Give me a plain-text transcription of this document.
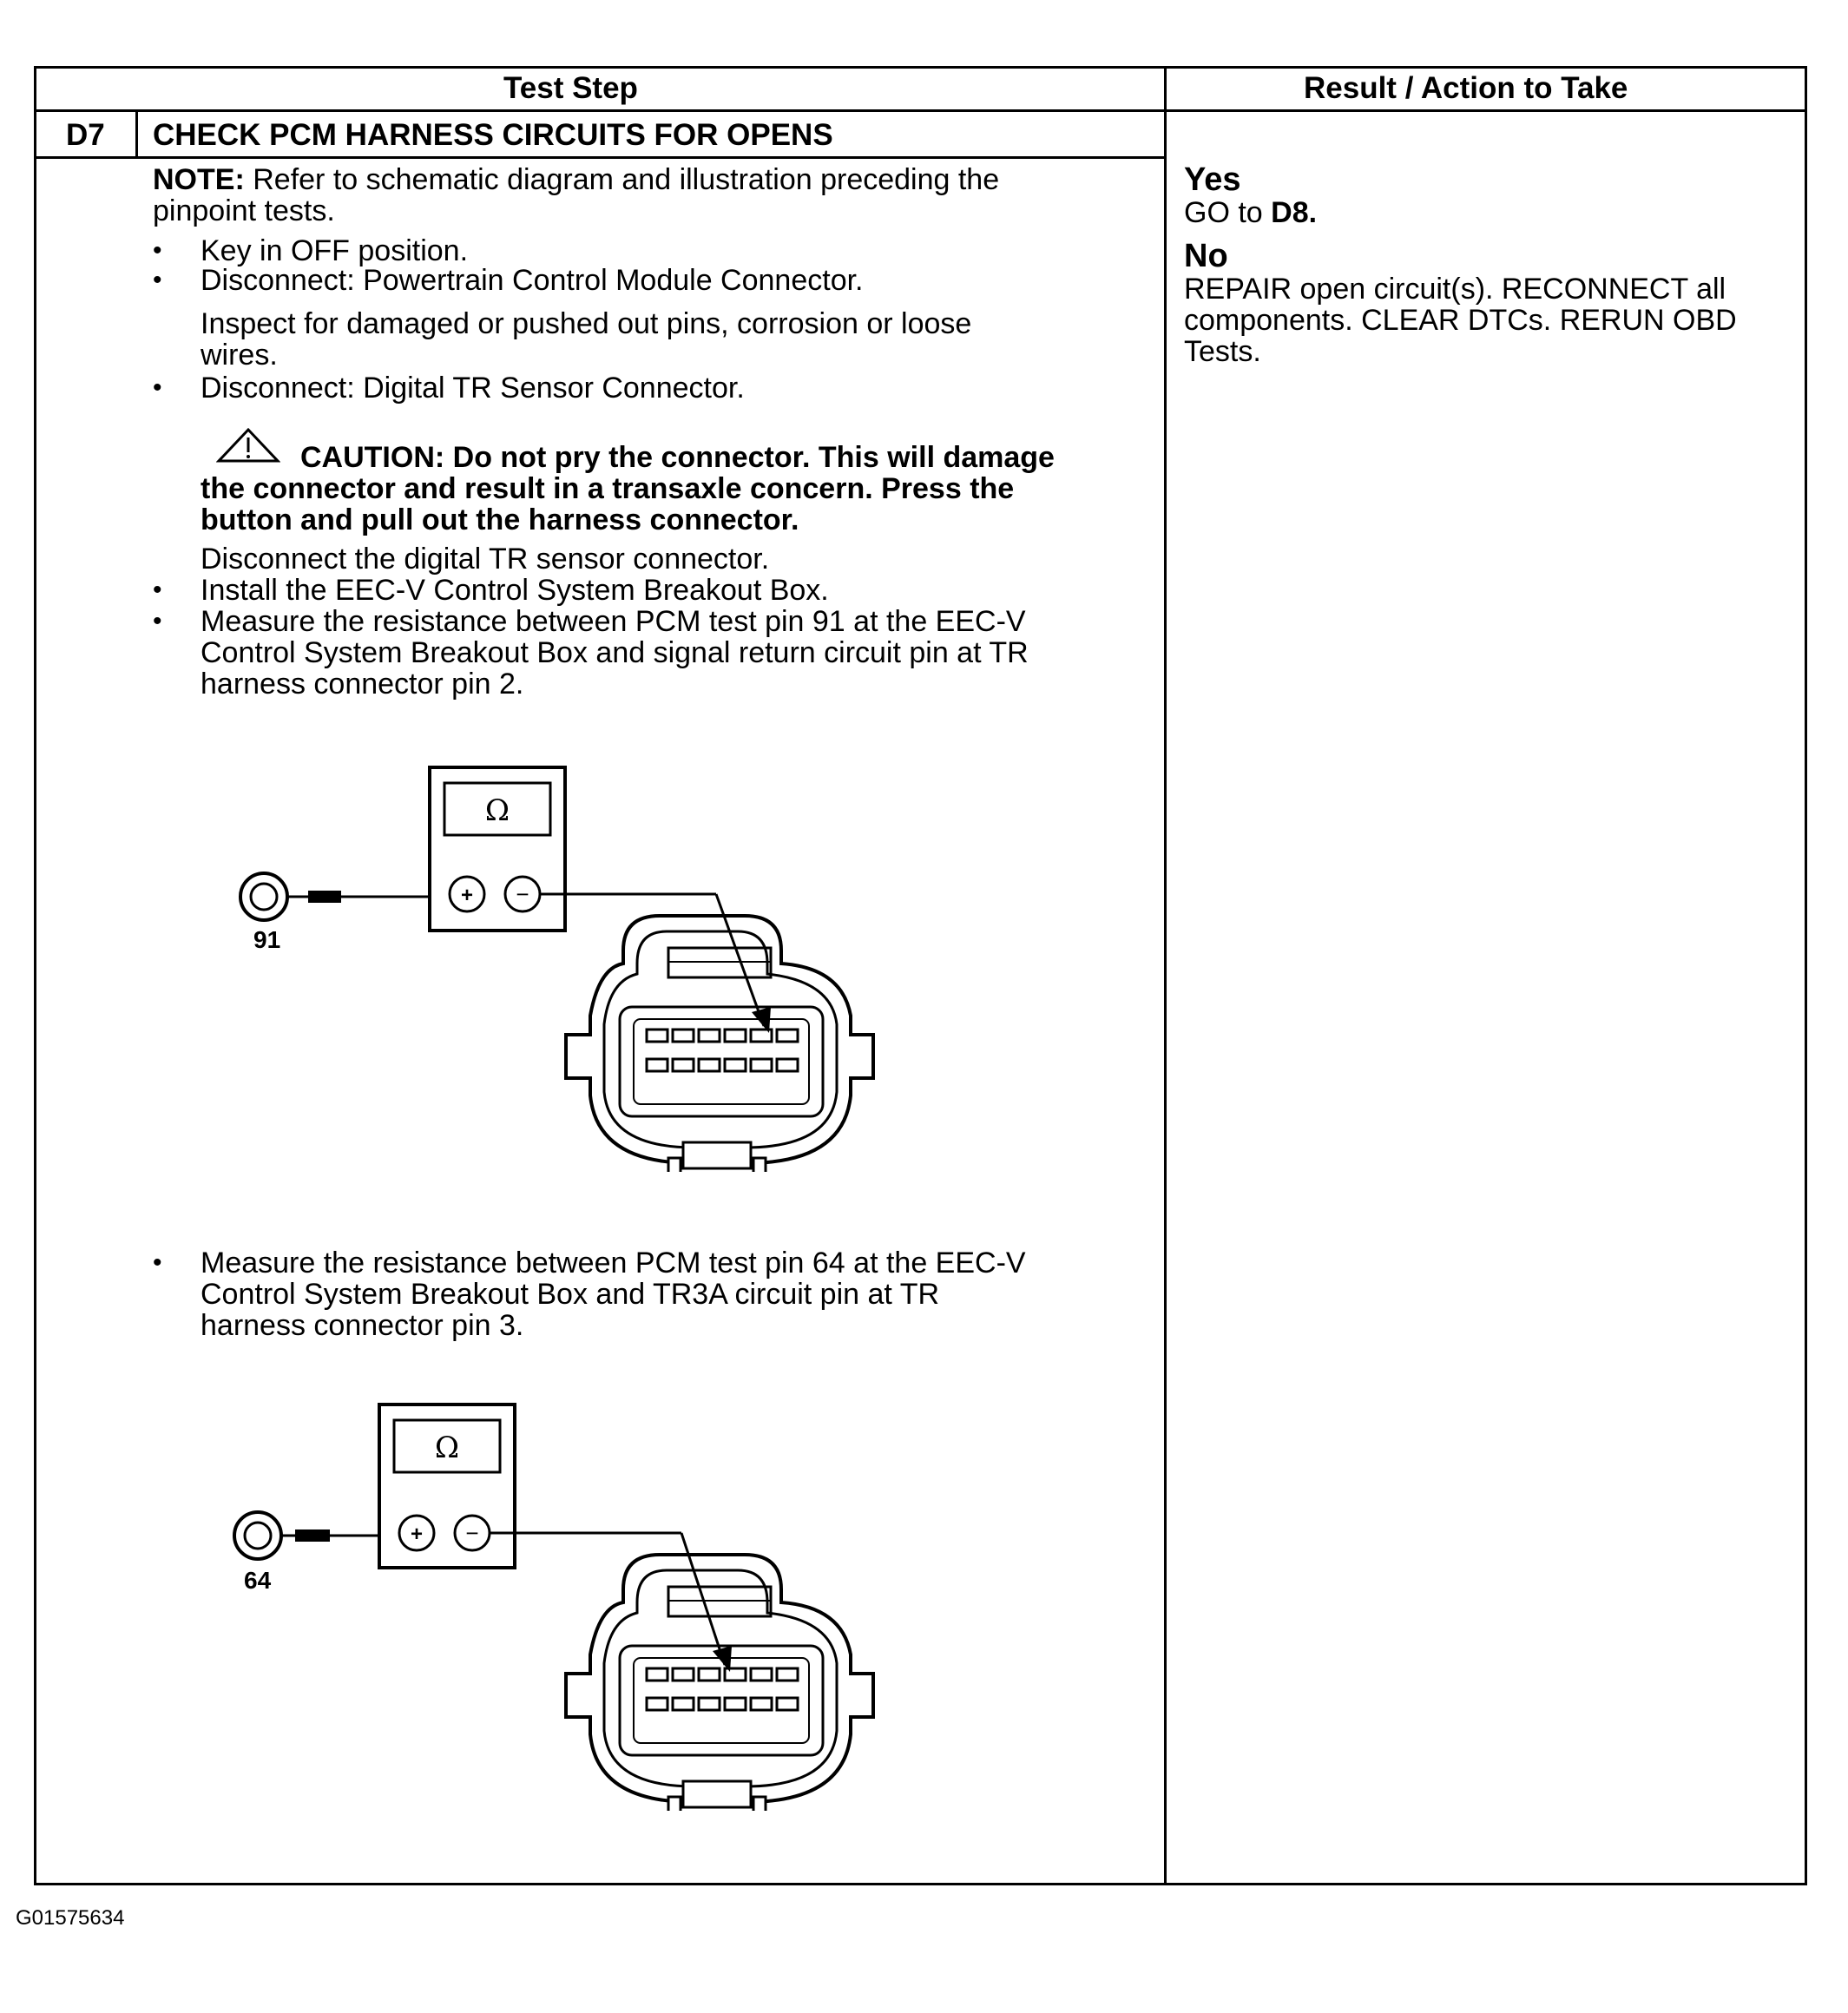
Test Step	Result / Action to Take
D7 CHECK PCM HARNESS CIRCUITS FOR OPENS
NOTE: Refer to schematic diagram and illustration preceding the
pinpoint tests.
• Key in OFF position.
• Disconnect: Powertrain Control Module Connector.
Inspect for damaged or pushed out pins, corrosion or loose
wires.
• Disconnect: Digital TR Sensor Connector.
CAUTION: Do not pry the connector. This will damage
the connector and result in a transaxle concern. Press the
button and pull out the harness connector.
Disconnect the digital TR sensor connector.
• Install the EEC-V Control System Breakout Box.
• Measure the resistance between PCM test pin 91 at the EEC-V
Control System Breakout Box and signal return circuit pin at TR
harness connector pin 2.
91
Ω
+ −
• Measure the resistance between PCM test pin 64 at the EEC-V
Control System Breakout Box and TR3A circuit pin at TR
harness connector pin 3.
64
Ω
+ −
Yes
GO to D8.
No
REPAIR open circuit(s). RECONNECT all
components. CLEAR DTCs. RERUN OBD
Tests.
G01575634
